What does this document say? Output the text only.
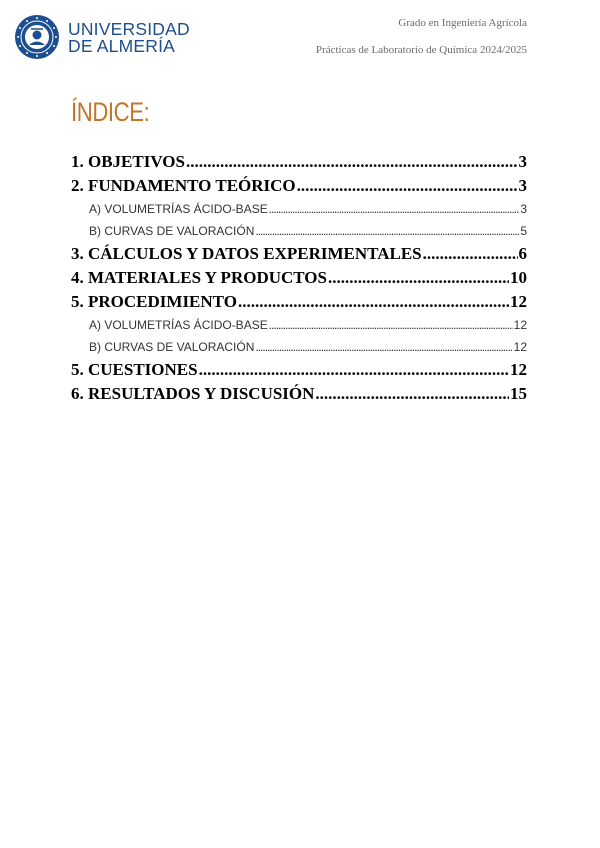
UNIVERSIDAD
DE ALMERÍA
Grado en Ingeniería Agrícola
Prácticas de Laboratorio de Química 2024/2025
ÍNDICE:
1. OBJETIVOS .....	3
2. FUNDAMENTO TEÓRICO .....	3
A) VOLUMETRÍAS ÁCIDO-BASE .....	3
B) CURVAS DE VALORACIÓN .....	5
3. CÁLCULOS Y DATOS EXPERIMENTALES .....	6
4. MATERIALES Y PRODUCTOS .....	10
5. PROCEDIMIENTO .....	12
A) VOLUMETRÍAS ÁCIDO-BASE .....	12
B) CURVAS DE VALORACIÓN .....	12
5. CUESTIONES .....	12
6. RESULTADOS Y DISCUSIÓN .....	15
